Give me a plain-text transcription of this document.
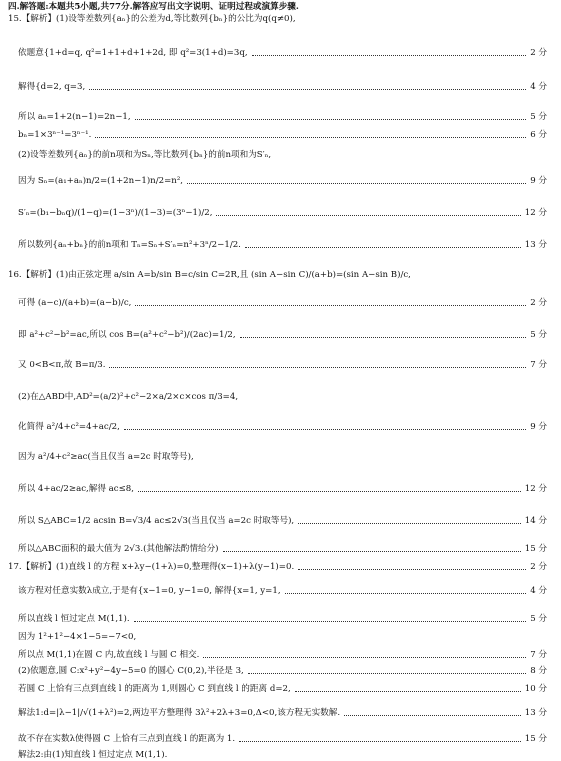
四.解答题:本题共5小题,共77分.解答应写出文字说明、证明过程或演算步骤.
15.【解析】(1)设等差数列{aₙ}的公差为d,等比数列{bₙ}的公比为q(q≠0),
依题意{1+d=q, q²=1+1+d+1+2d, 即 q²=3(1+d)=3q,	2 分
解得{d=2, q=3,	4 分
所以 aₙ=1+2(n−1)=2n−1,	5 分
bₙ=1×3ⁿ⁻¹=3ⁿ⁻¹.	6 分
(2)设等差数列{aₙ}的前n项和为Sₙ,等比数列{bₙ}的前n项和为S′ₙ,
因为 Sₙ=(a₁+aₙ)n/2=(1+2n−1)n/2=n²,	9 分
S′ₙ=(b₁−bₙq)/(1−q)=(1−3ⁿ)/(1−3)=(3ⁿ−1)/2,	12 分
所以数列{aₙ+bₙ}的前n项和 Tₙ=Sₙ+S′ₙ=n²+3ⁿ/2−1/2.	13 分
16.【解析】(1)由正弦定理 a/sin A=b/sin B=c/sin C=2R,且 (sin A−sin C)/(a+b)=(sin A−sin B)/c,
可得 (a−c)/(a+b)=(a−b)/c,	2 分
即 a²+c²−b²=ac,所以 cos B=(a²+c²−b²)/(2ac)=1/2,	5 分
又 0<B<π,故 B=π/3.	7 分
(2)在△ABD中,AD²=(a/2)²+c²−2×a/2×c×cos π/3=4,
化简得 a²/4+c²=4+ac/2,	9 分
因为 a²/4+c²≥ac(当且仅当 a=2c 时取等号),
所以 4+ac/2≥ac,解得 ac≤8,	12 分
所以 S△ABC=1/2 acsin B=√3/4 ac≤2√3(当且仅当 a=2c 时取等号),	14 分
所以△ABC面积的最大值为 2√3.(其他解法酌情给分)	15 分
17.【解析】(1)直线 l 的方程 x+λy−(1+λ)=0,整理得(x−1)+λ(y−1)=0.	2 分
该方程对任意实数λ成立,于是有{x−1=0, y−1=0, 解得{x=1, y=1,	4 分
所以直线 l 恒过定点 M(1,1).	5 分
因为 1²+1²−4×1−5=−7<0,
所以点 M(1,1)在圆 C 内,故直线 l 与圆 C 相交.	7 分
(2)依题意,圆 C:x²+y²−4y−5=0 的圆心 C(0,2),半径是 3,	8 分
若圆 C 上恰有三点到直线 l 的距离为 1,则圆心 C 到直线 l 的距离 d=2,	10 分
解法1:d=|λ−1|/√(1+λ²)=2,两边平方整理得 3λ²+2λ+3=0,Δ<0,该方程无实数解.	13 分
故不存在实数λ使得圆 C 上恰有三点到直线 l 的距离为 1.	15 分
解法2:由(1)知直线 l 恒过定点 M(1,1).
